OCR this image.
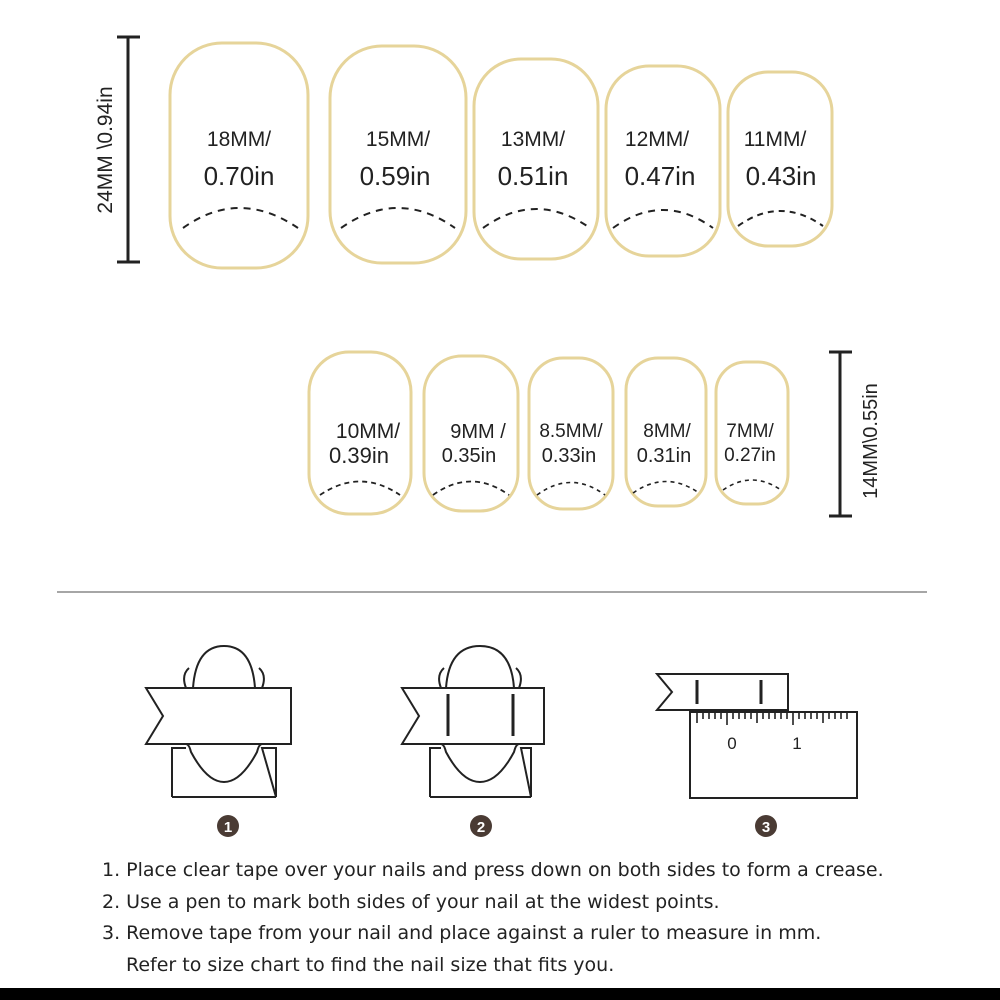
24MM \0.94in	18MM/
0.70in
15MM/
0.59in
13MM/
0.51in
12MM/
0.47in
11MM/
0.43in
10MM/
0.39in
9MM /
0.35in
8.5MM/
0.33in
8MM/
0.31in
7MM/
0.27in	14MM\0.55in
0	1
1	2	3
1. Place clear tape over your nails and press down on both sides to form a crease.
2. Use a pen to mark both sides of your nail at the widest points.
3. Remove tape from your nail and place against a ruler to measure in mm.
Refer to size chart to find the nail size that fits you.
